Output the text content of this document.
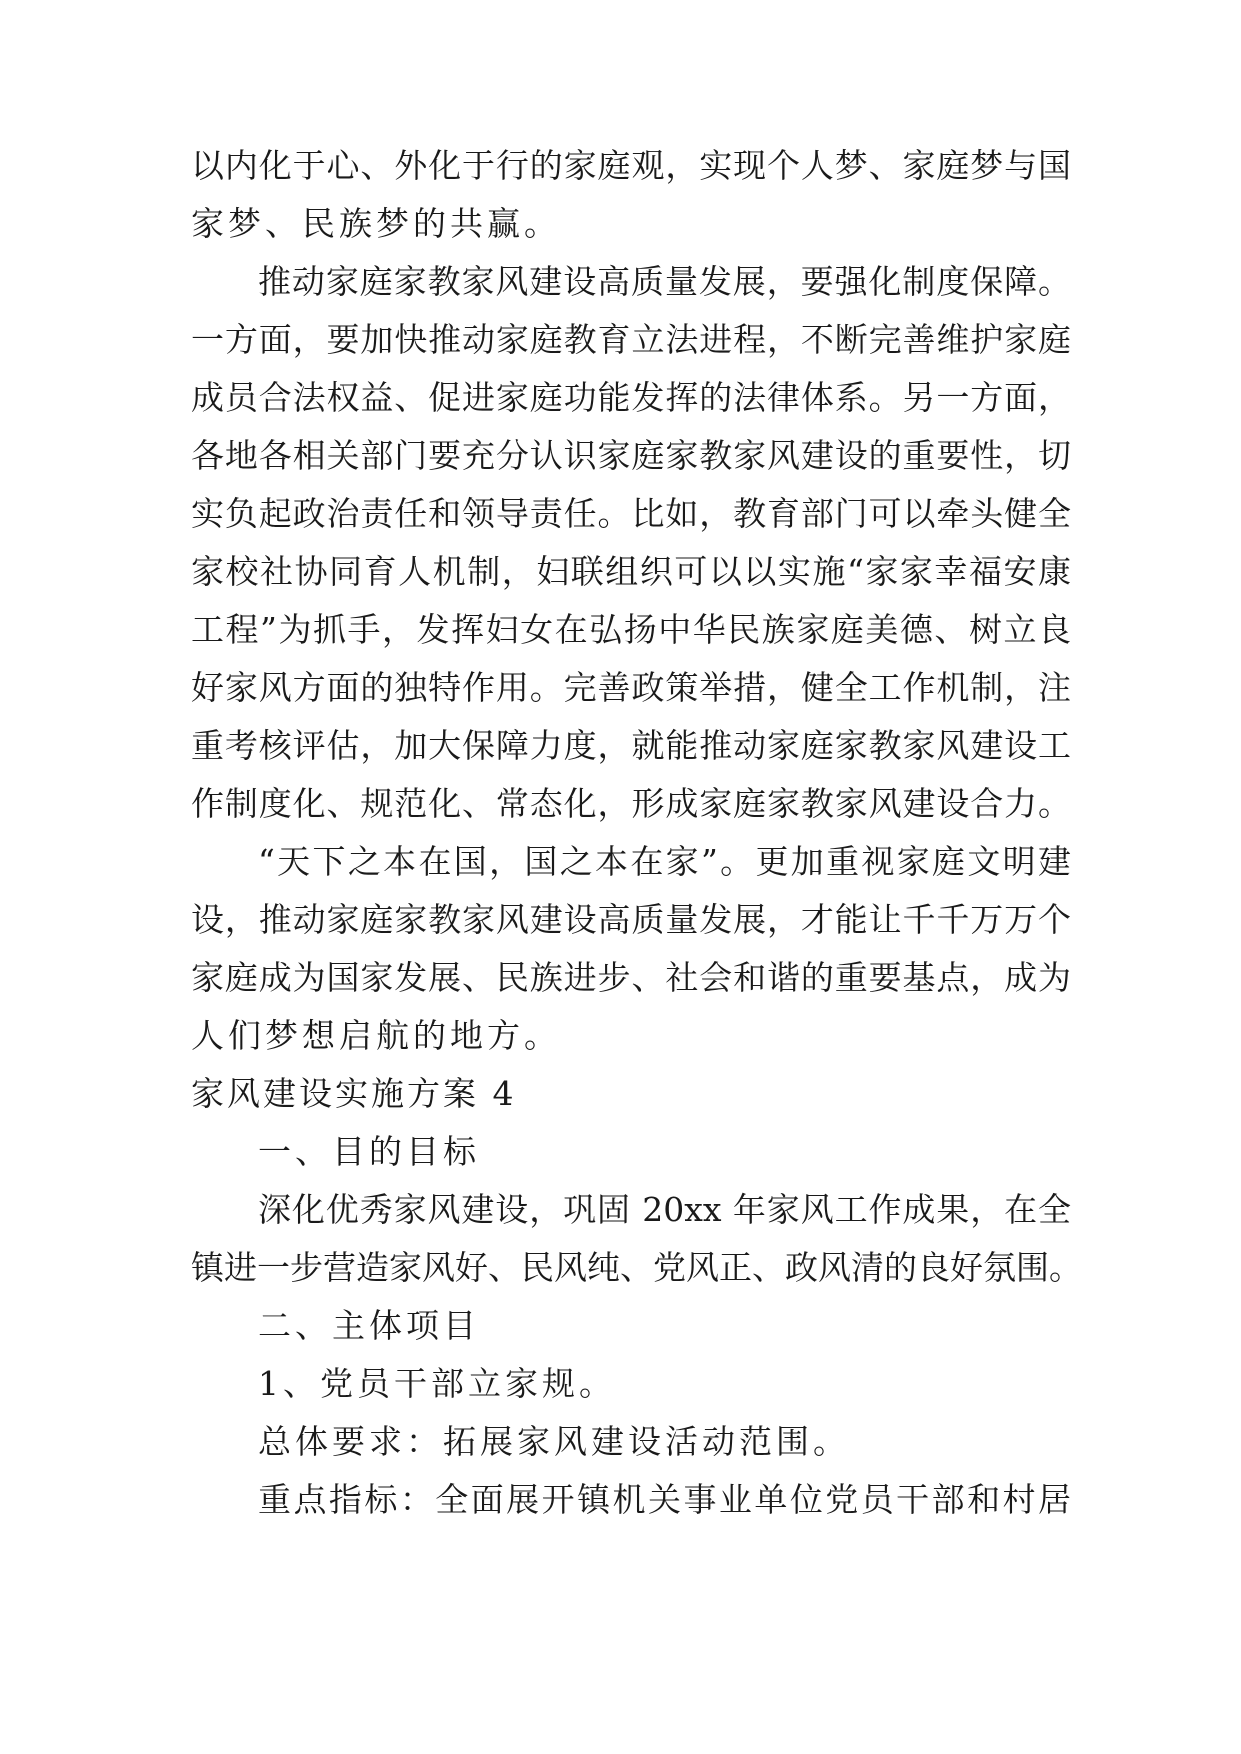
以内化于心、外化于行的家庭观，实现个人梦、家庭梦与国
家梦、民族梦的共赢。
推动家庭家教家风建设高质量发展，要强化制度保障。
一方面，要加快推动家庭教育立法进程，不断完善维护家庭
成员合法权益、促进家庭功能发挥的法律体系。另一方面，
各地各相关部门要充分认识家庭家教家风建设的重要性，切
实负起政治责任和领导责任。比如，教育部门可以牵头健全
家校社协同育人机制，妇联组织可以以实施“家家幸福安康
工程”为抓手，发挥妇女在弘扬中华民族家庭美德、树立良
好家风方面的独特作用。完善政策举措，健全工作机制，注
重考核评估，加大保障力度，就能推动家庭家教家风建设工
作制度化、规范化、常态化，形成家庭家教家风建设合力。
“天下之本在国，国之本在家”。更加重视家庭文明建
设，推动家庭家教家风建设高质量发展，才能让千千万万个
家庭成为国家发展、民族进步、社会和谐的重要基点，成为
人们梦想启航的地方。
家风建设实施方案 4
一、目的目标
深化优秀家风建设，巩固 20xx 年家风工作成果，在全
镇进一步营造家风好、民风纯、党风正、政风清的良好氛围。
二、主体项目
1、党员干部立家规。
总体要求：拓展家风建设活动范围。
重点指标：全面展开镇机关事业单位党员干部和村居
